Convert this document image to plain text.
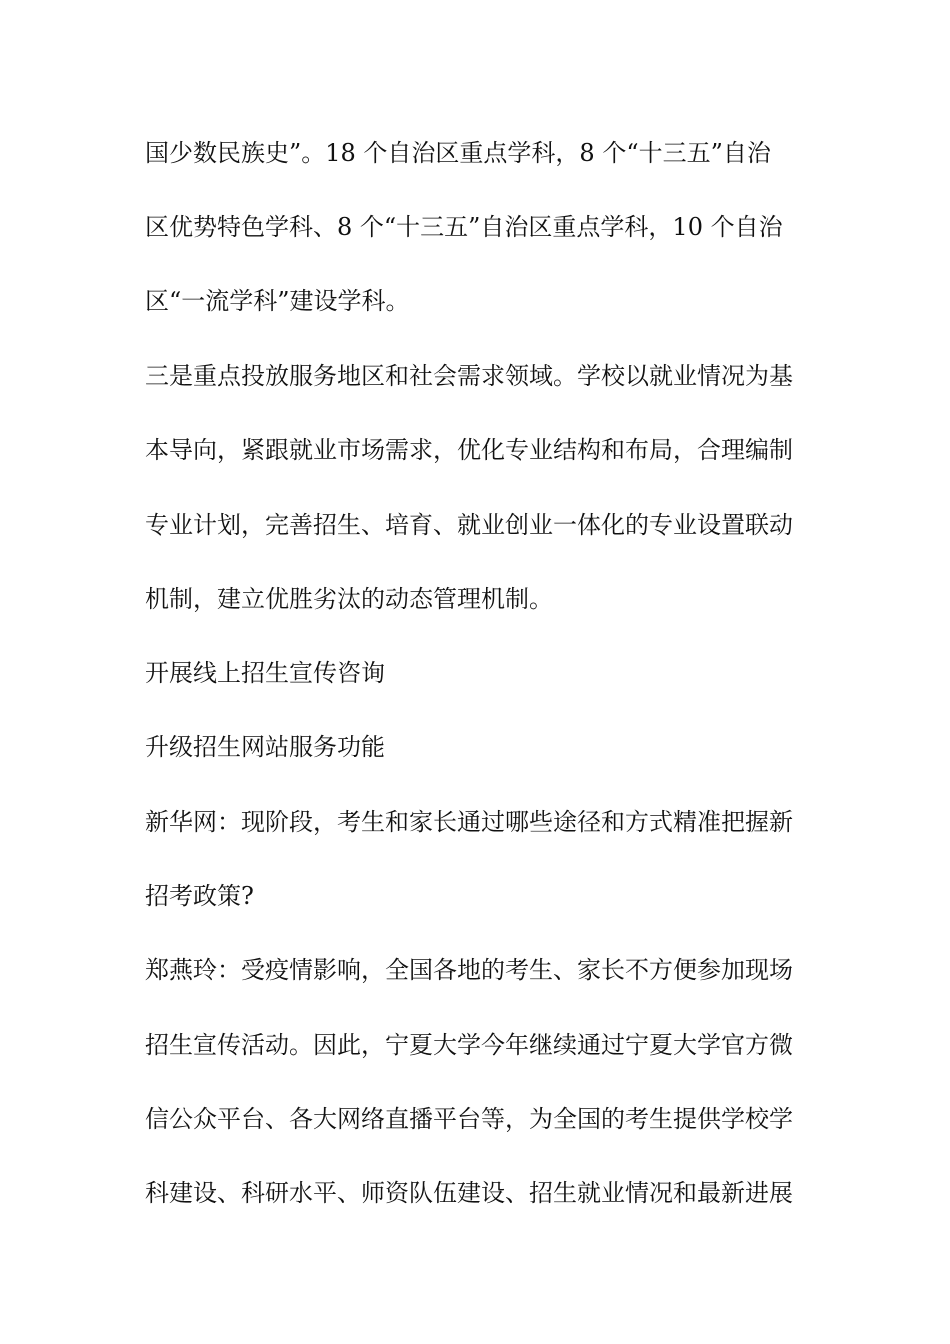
国少数民族史”。18 个自治区重点学科，8 个“十三五”自治
区优势特色学科、8 个“十三五”自治区重点学科，10 个自治
区“一流学科”建设学科。
三是重点投放服务地区和社会需求领域。学校以就业情况为基
本导向，紧跟就业市场需求，优化专业结构和布局，合理编制
专业计划，完善招生、培育、就业创业一体化的专业设置联动
机制，建立优胜劣汰的动态管理机制。
开展线上招生宣传咨询
升级招生网站服务功能
新华网：现阶段，考生和家长通过哪些途径和方式精准把握新
招考政策?
郑燕玲：受疫情影响，全国各地的考生、家长不方便参加现场
招生宣传活动。因此，宁夏大学今年继续通过宁夏大学官方微
信公众平台、各大网络直播平台等，为全国的考生提供学校学
科建设、科研水平、师资队伍建设、招生就业情况和最新进展
